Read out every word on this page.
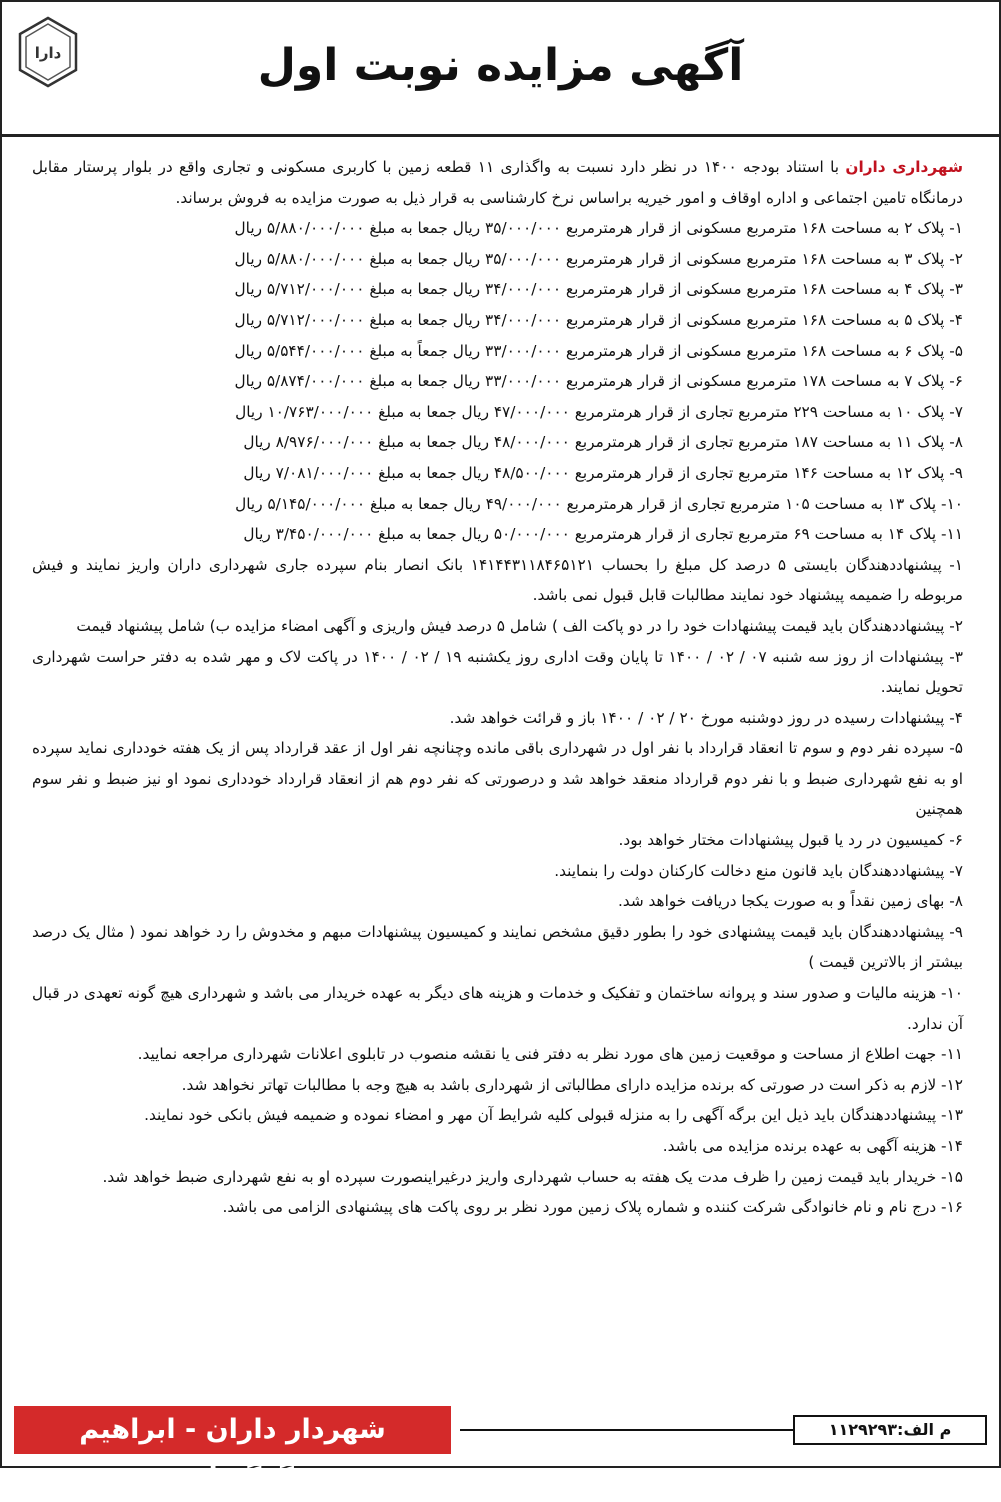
دارا	آگهی مزایده نوبت اول

شهرداری داران با استناد بودجه ۱۴۰۰ در نظر دارد نسبت به واگذاری ۱۱ قطعه زمین با کاربری مسکونی و تجاری واقع در بلوار پرستار مقابل درمانگاه تامین اجتماعی و اداره اوقاف و امور خیریه براساس نرخ کارشناسی به قرار ذیل به صورت مزایده به فروش برساند.

۱- پلاک ۲ به مساحت ۱۶۸ مترمربع مسکونی از قرار هرمترمربع ۳۵/۰۰۰/۰۰۰ ریال جمعا به مبلغ ۵/۸۸۰/۰۰۰/۰۰۰ ریال

۲- پلاک ۳ به مساحت ۱۶۸ مترمربع مسکونی از قرار هرمترمربع ۳۵/۰۰۰/۰۰۰ ریال جمعا به مبلغ ۵/۸۸۰/۰۰۰/۰۰۰ ریال

۳- پلاک ۴ به مساحت ۱۶۸ مترمربع مسکونی از قرار هرمترمربع ۳۴/۰۰۰/۰۰۰ ریال جمعا به مبلغ ۵/۷۱۲/۰۰۰/۰۰۰ ریال

۴- پلاک ۵ به مساحت ۱۶۸ مترمربع مسکونی از قرار هرمترمربع ۳۴/۰۰۰/۰۰۰ ریال جمعا به مبلغ ۵/۷۱۲/۰۰۰/۰۰۰ ریال

۵- پلاک ۶ به مساحت ۱۶۸ مترمربع مسکونی از قرار هرمترمربع ۳۳/۰۰۰/۰۰۰ ریال جمعاً به مبلغ ۵/۵۴۴/۰۰۰/۰۰۰ ریال

۶- پلاک ۷ به مساحت ۱۷۸ مترمربع مسکونی از قرار هرمترمربع ۳۳/۰۰۰/۰۰۰ ریال جمعا به مبلغ ۵/۸۷۴/۰۰۰/۰۰۰ ریال

۷- پلاک ۱۰ به مساحت ۲۲۹ مترمربع تجاری از قرار هرمترمربع ۴۷/۰۰۰/۰۰۰ ریال جمعا به مبلغ ۱۰/۷۶۳/۰۰۰/۰۰۰ ریال

۸- پلاک ۱۱ به مساحت ۱۸۷ مترمربع تجاری از قرار هرمترمربع ۴۸/۰۰۰/۰۰۰ ریال جمعا به مبلغ ۸/۹۷۶/۰۰۰/۰۰۰ ریال

۹- پلاک ۱۲ به مساحت ۱۴۶ مترمربع تجاری از قرار هرمترمربع ۴۸/۵۰۰/۰۰۰ ریال جمعا به مبلغ ۷/۰۸۱/۰۰۰/۰۰۰ ریال

۱۰- پلاک ۱۳ به مساحت ۱۰۵ مترمربع تجاری از قرار هرمترمربع ۴۹/۰۰۰/۰۰۰ ریال جمعا به مبلغ ۵/۱۴۵/۰۰۰/۰۰۰ ریال

۱۱- پلاک ۱۴ به مساحت ۶۹ مترمربع تجاری از قرار هرمترمربع ۵۰/۰۰۰/۰۰۰ ریال جمعا به مبلغ ۳/۴۵۰/۰۰۰/۰۰۰ ریال

۱- پیشنهاددهندگان بایستی ۵ درصد کل مبلغ را بحساب ۱۴۱۴۴۳۱۱۸۴۶۵۱۲۱ بانک انصار بنام سپرده جاری شهرداری داران واریز نمایند و فیش مربوطه را ضمیمه پیشنهاد خود نمایند مطالبات قابل قبول نمی باشد.

۲- پیشنهاددهندگان باید قیمت پیشنهادات خود را در دو پاکت الف ) شامل ۵ درصد فیش واریزی و آگهی امضاء مزایده ب) شامل پیشنهاد قیمت

۳- پیشنهادات از روز سه شنبه ۰۷ / ۰۲ / ۱۴۰۰ تا پایان وقت اداری روز یکشنبه ۱۹ / ۰۲ / ۱۴۰۰ در پاکت لاک و مهر شده به دفتر حراست شهرداری تحویل نمایند.

۴- پیشنهادات رسیده در روز دوشنبه مورخ ۲۰ / ۰۲ / ۱۴۰۰ باز و قرائت خواهد شد.

۵- سپرده نفر دوم و سوم تا انعقاد قرارداد با نفر اول در شهرداری باقی مانده وچنانچه نفر اول از عقد قرارداد پس از یک هفته خودداری نماید سپرده او به نفع شهرداری ضبط و با نفر دوم قرارداد منعقد خواهد شد و درصورتی که نفر دوم هم از انعقاد قرارداد خودداری نمود او نیز ضبط و نفر سوم همچنین

۶- کمیسیون در رد یا قبول پیشنهادات مختار خواهد بود.

۷- پیشنهاددهندگان باید قانون منع دخالت کارکنان دولت را بنمایند.

۸- بهای زمین نقداً و به صورت یکجا دریافت خواهد شد.

۹- پیشنهاددهندگان باید قیمت پیشنهادی خود را بطور دقیق مشخص نمایند و کمیسیون پیشنهادات مبهم و مخدوش را رد خواهد نمود ( مثال یک درصد بیشتر از بالاترین قیمت )

۱۰- هزینه مالیات و صدور سند و پروانه ساختمان و تفکیک و خدمات و هزینه های دیگر به عهده خریدار می باشد و شهرداری هیچ گونه تعهدی در قبال آن ندارد.

۱۱- جهت اطلاع از مساحت و موقعیت زمین های مورد نظر به دفتر فنی یا نقشه منصوب در تابلوی اعلانات شهرداری مراجعه نمایید.

۱۲- لازم به ذکر است در صورتی که برنده مزایده دارای مطالباتی از شهرداری باشد به هیچ وجه با مطالبات تهاتر نخواهد شد.

۱۳- پیشنهاددهندگان باید ذیل این برگه آگهی را به منزله قبولی کلیه شرایط آن مهر و امضاء نموده و ضمیمه فیش بانکی خود نمایند.

۱۴- هزینه آگهی به عهده برنده مزایده می باشد.

۱۵- خریدار باید قیمت زمین را ظرف مدت یک هفته به حساب شهرداری واریز درغیراینصورت سپرده او به نفع شهرداری ضبط خواهد شد.

۱۶- درج نام و نام خانوادگی شرکت کننده و شماره پلاک زمین مورد نظر بر روی پاکت های پیشنهادی الزامی می باشد.

شهردار داران - ابراهیم گوگونانی
م الف:۱۱۲۹۲۹۳
